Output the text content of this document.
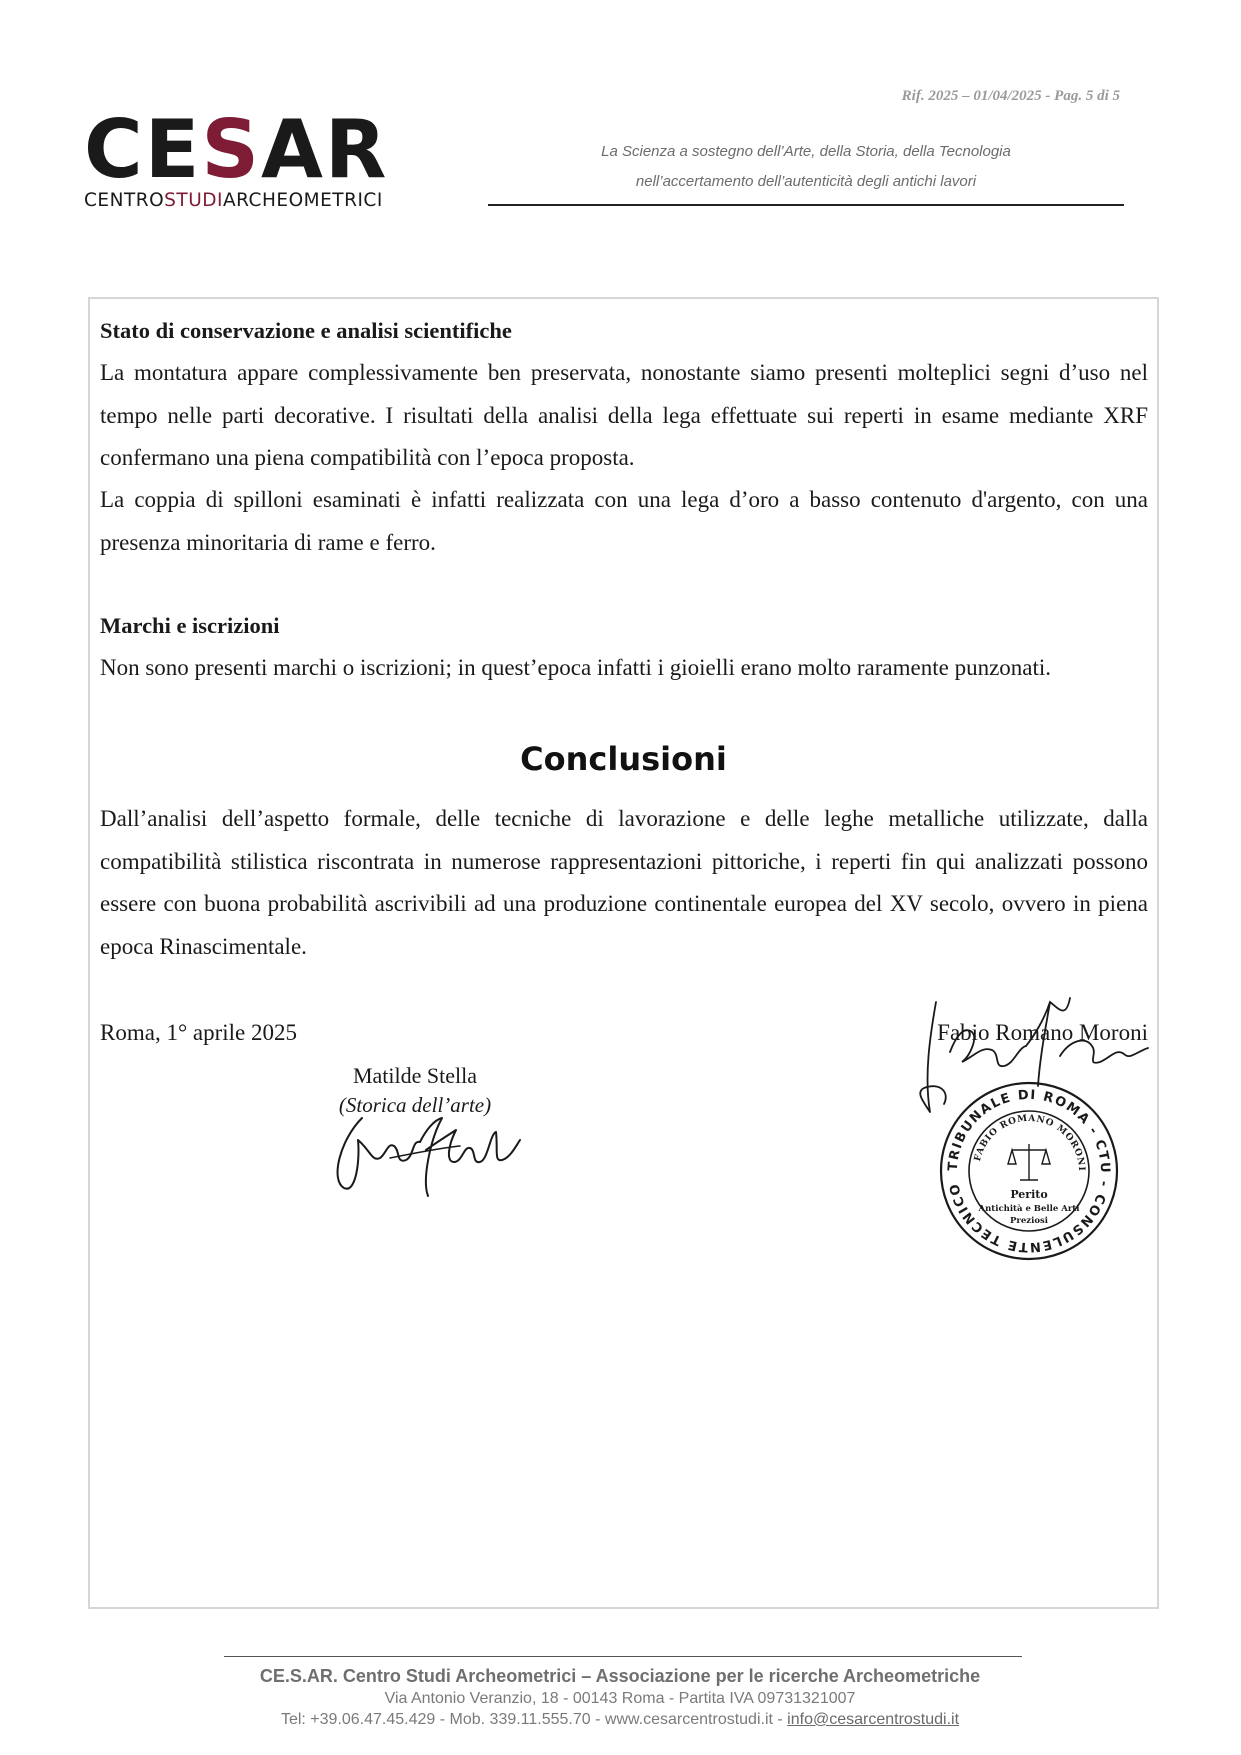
Rif. 2025 – 01/04/2025 - Pag. 5 di 5
CESAR
CENTROSTUDIARCHEOMETRICI
La Scienza a sostegno dell’Arte, della Storia, della Tecnologia
nell’accertamento dell’autenticità degli antichi lavori
Stato di conservazione e analisi scientifiche
La montatura appare complessivamente ben preservata, nonostante siamo presenti molteplici segni d’uso nel tempo nelle parti decorative. I risultati della analisi della lega effettuate sui reperti in esame mediante XRF confermano una piena compatibilità con l’epoca proposta.
La coppia di spilloni esaminati è infatti realizzata con una lega d’oro a basso contenuto d'argento, con una presenza minoritaria di rame e ferro.
Marchi e iscrizioni
Non sono presenti marchi o iscrizioni; in quest’epoca infatti i gioielli erano molto raramente punzonati.
Conclusioni
Dall’analisi dell’aspetto formale, delle tecniche di lavorazione e delle leghe metalliche utilizzate, dalla compatibilità stilistica riscontrata in numerose rappresentazioni pittoriche, i reperti fin qui analizzati possono essere con buona probabilità ascrivibili ad una produzione continentale europea del XV secolo, ovvero in piena epoca Rinascimentale.
Roma, 1° aprile 2025	Fabio Romano Moroni
Matilde Stella
(Storica dell’arte)
TRIBUNALE DI ROMA - CTU - CONSULENTE TECNICO
FABIO ROMANO MORONI
Perito
Antichità e Belle Arti
Preziosi
CE.S.AR. Centro Studi Archeometrici – Associazione per le ricerche Archeometriche
Via Antonio Veranzio, 18 - 00143 Roma - Partita IVA 09731321007
Tel: +39.06.47.45.429 - Mob. 339.11.555.70 - www.cesarcentrostudi.it - info@cesarcentrostudi.it
